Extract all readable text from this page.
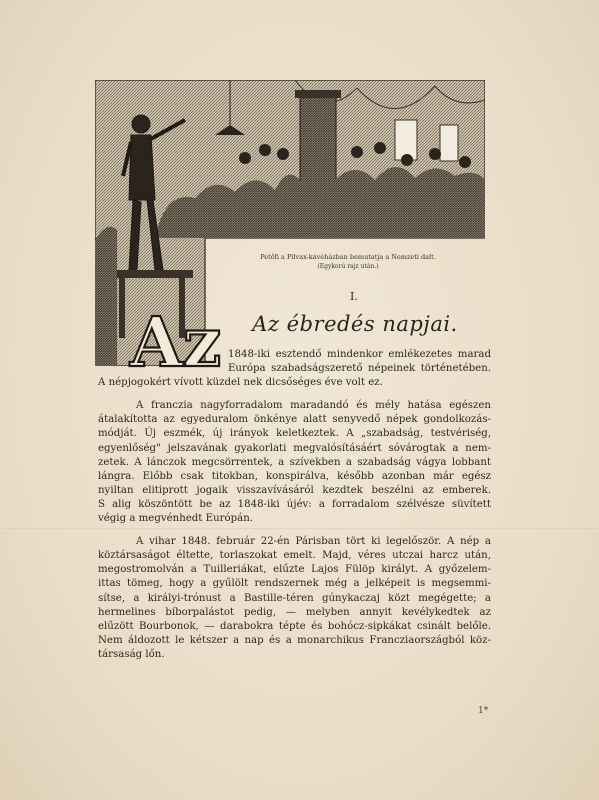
Petőfi a Pilvax-kávéházban bemutatja a Nemzeti dalt.
(Egykorú rajz után.)
Az
I.
Az ébredés napjai.

1848-iki esztendő mindenkor emlékezetes marad
Európa szabadságszerető népeinek történetében.

A népjogokért vívott küzdel nek dicsőséges éve volt ez.

A franczia nagyforradalom maradandó és mély hatása egészen
átalakította az egyeduralom önkénye alatt senyvedő népek gondolkozás-
módját. Új eszmék, új irányok keletkeztek. A „szabadság, testvériség,
egyenlőség" jelszavának gyakorlati megvalósításáért sóvárogtak a nem-
zetek. A lánczok megcsörrentek, a szívekben a szabadság vágya lobbant
lángra. Előbb csak titokban, konspirálva, később azonban már egész
nyiltan elitiprott jogaik visszavívásáról kezdtek beszélni az emberek.
S alig köszöntött be az 1848-iki újév: a forradalom szélvésze süvített
végig a megvénhedt Európán.

A vihar 1848. február 22-én Párisban tört ki legelőször. A nép a
köztársaságot éltette, torlaszokat emelt. Majd, véres utczai harcz után,
megostromolván a Tuilleriákat, elűzte Lajos Fülöp királyt. A győzelem-
ittas tömeg, hogy a gyűlölt rendszernek még a jelképeit is megsemmi-
sítse, a királyi-trónust a Bastille-téren gúnykaczaj közt megégette; a
hermelines bíborpalástot pedig, — melyben annyit kevélykedtek az
elűzött Bourbonok, — darabokra tépte és bohócz-sipkákat csinált belőle.
Nem áldozott le kétszer a nap és a monarchikus Francziaországból köz-
társaság lőn.

1*
